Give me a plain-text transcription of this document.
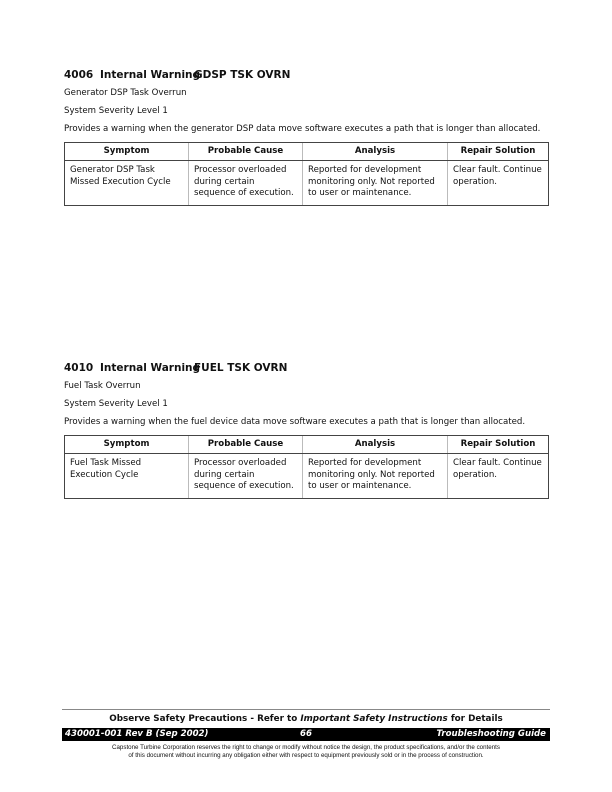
4006 Internal WarningGDSP TSK OVRN
Generator DSP Task Overrun
System Severity Level 1
Provides a warning when the generator DSP data move software executes a path that is longer than allocated.
Symptom	Probable Cause	Analysis	Repair Solution
Generator DSP Task Missed Execution Cycle	Processor overloaded during certain sequence of execution.	Reported for development monitoring only. Not reported to user or maintenance.	Clear fault. Continue operation.
4010 Internal WarningFUEL TSK OVRN
Fuel Task Overrun
System Severity Level 1
Provides a warning when the fuel device data move software executes a path that is longer than allocated.
Symptom	Probable Cause	Analysis	Repair Solution
Fuel Task Missed Execution Cycle	Processor overloaded during certain sequence of execution.	Reported for development monitoring only. Not reported to user or maintenance.	Clear fault. Continue operation.
Observe Safety Precautions - Refer to Important Safety Instructions for Details
430001-001 Rev B (Sep 2002)	66	Troubleshooting Guide
Capstone Turbine Corporation reserves the right to change or modify without notice the design, the product specifications, and/or the contents
of this document without incurring any obligation either with respect to equipment previously sold or in the process of construction.
